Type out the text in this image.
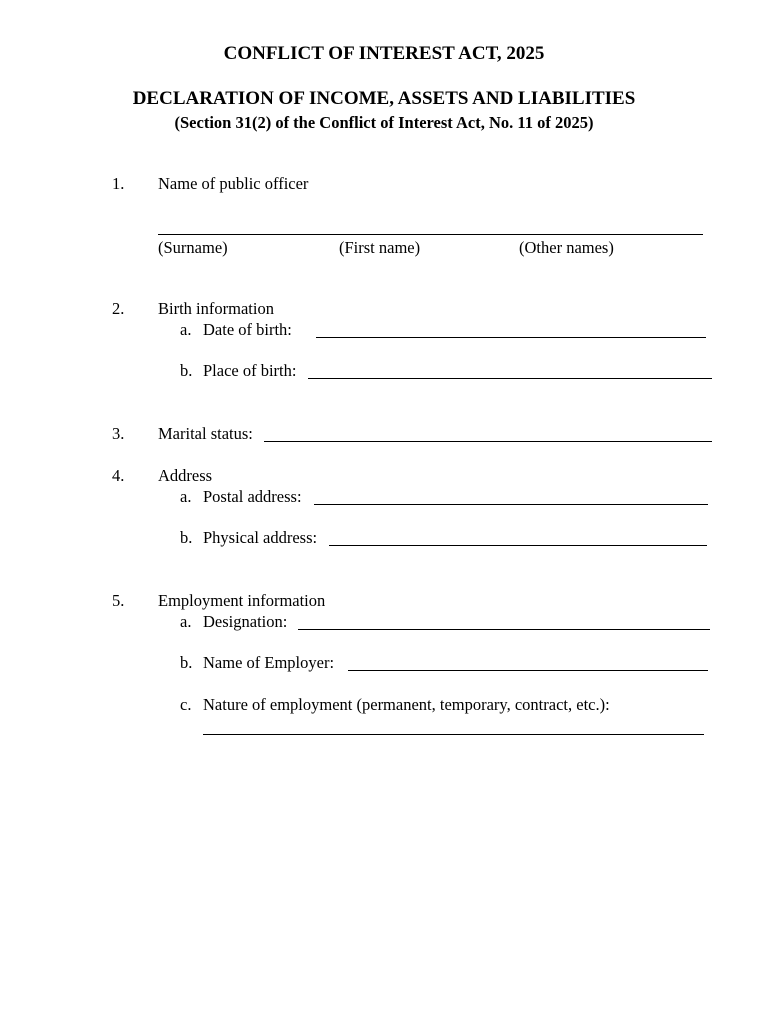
CONFLICT OF INTEREST ACT, 2025
DECLARATION OF INCOME, ASSETS AND LIABILITIES
(Section 31(2) of the Conflict of Interest Act, No. 11 of 2025)
1. Name of public officer
(Surname)	(First name)	(Other names)
2. Birth information
a. Date of birth:
b. Place of birth:
3. Marital status:
4. Address
a. Postal address:
b. Physical address:
5. Employment information
a. Designation:
b. Name of Employer:
c. Nature of employment (permanent, temporary, contract, etc.):
